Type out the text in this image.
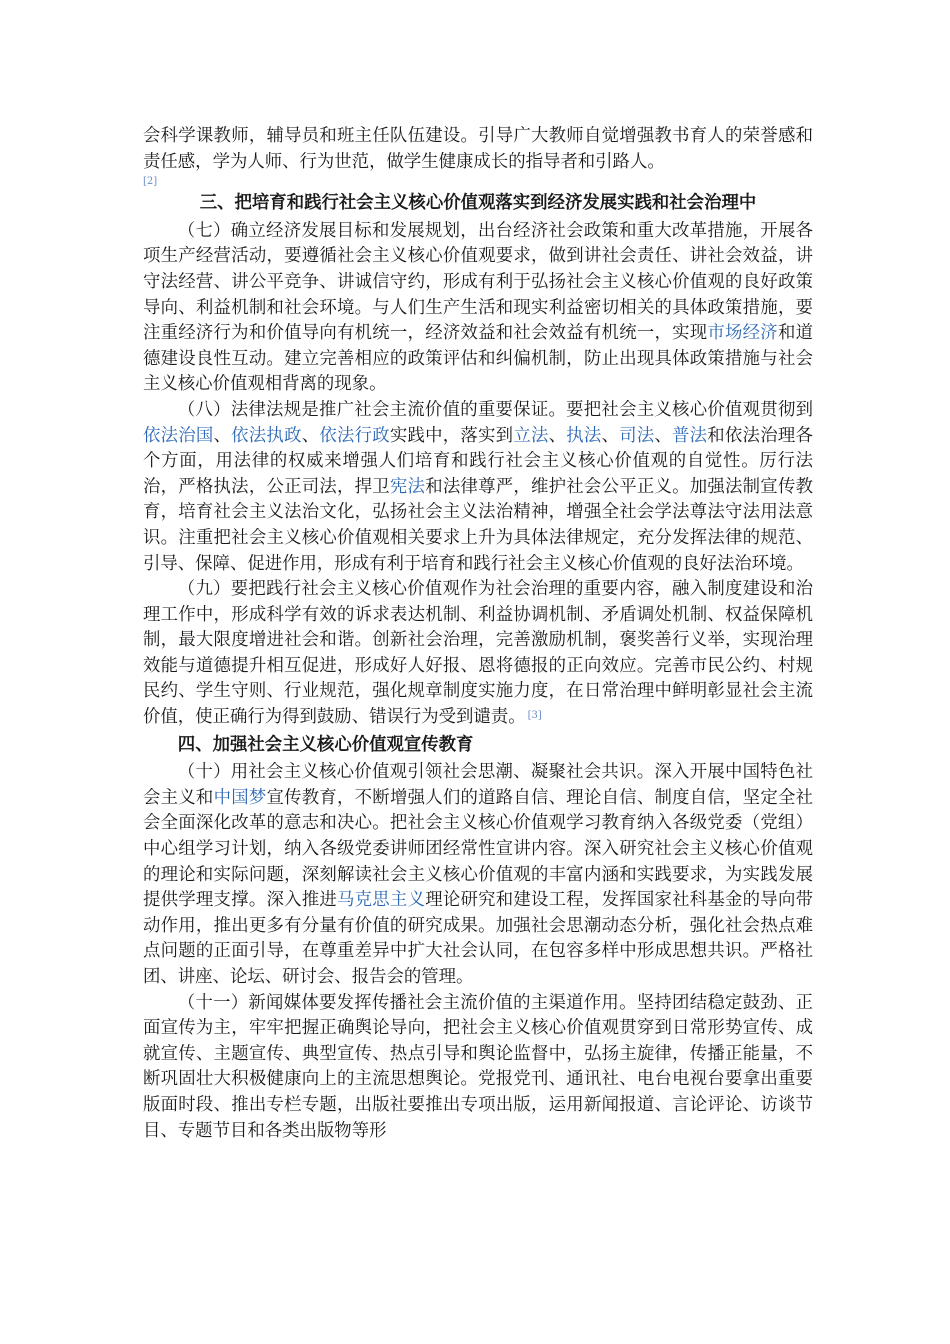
会科学课教师，辅导员和班主任队伍建设。引导广大教师自觉增强教书育人的荣誉感和责任感，学为人师、行为世范，做学生健康成长的指导者和引路人。

[2]

三、把培育和践行社会主义核心价值观落实到经济发展实践和社会治理中

（七）确立经济发展目标和发展规划，出台经济社会政策和重大改革措施，开展各项生产经营活动，要遵循社会主义核心价值观要求，做到讲社会责任、讲社会效益，讲守法经营、讲公平竞争、讲诚信守约，形成有利于弘扬社会主义核心价值观的良好政策导向、利益机制和社会环境。与人们生产生活和现实利益密切相关的具体政策措施，要注重经济行为和价值导向有机统一，经济效益和社会效益有机统一，实现市场经济和道德建设良性互动。建立完善相应的政策评估和纠偏机制，防止出现具体政策措施与社会主义核心价值观相背离的现象。

（八）法律法规是推广社会主流价值的重要保证。要把社会主义核心价值观贯彻到依法治国、依法执政、依法行政实践中，落实到立法、执法、司法、普法和依法治理各个方面，用法律的权威来增强人们培育和践行社会主义核心价值观的自觉性。厉行法治，严格执法，公正司法，捍卫宪法和法律尊严，维护社会公平正义。加强法制宣传教育，培育社会主义法治文化，弘扬社会主义法治精神，增强全社会学法尊法守法用法意识。注重把社会主义核心价值观相关要求上升为具体法律规定，充分发挥法律的规范、引导、保障、促进作用，形成有利于培育和践行社会主义核心价值观的良好法治环境。

（九）要把践行社会主义核心价值观作为社会治理的重要内容，融入制度建设和治理工作中，形成科学有效的诉求表达机制、利益协调机制、矛盾调处机制、权益保障机制，最大限度增进社会和谐。创新社会治理，完善激励机制，褒奖善行义举，实现治理效能与道德提升相互促进，形成好人好报、恩将德报的正向效应。完善市民公约、村规民约、学生守则、行业规范，强化规章制度实施力度，在日常治理中鲜明彰显社会主流价值，使正确行为得到鼓励、错误行为受到谴责。 [3]

四、加强社会主义核心价值观宣传教育

（十）用社会主义核心价值观引领社会思潮、凝聚社会共识。深入开展中国特色社会主义和中国梦宣传教育，不断增强人们的道路自信、理论自信、制度自信，坚定全社会全面深化改革的意志和决心。把社会主义核心价值观学习教育纳入各级党委（党组）中心组学习计划，纳入各级党委讲师团经常性宣讲内容。深入研究社会主义核心价值观的理论和实际问题，深刻解读社会主义核心价值观的丰富内涵和实践要求，为实践发展提供学理支撑。深入推进马克思主义理论研究和建设工程，发挥国家社科基金的导向带动作用，推出更多有分量有价值的研究成果。加强社会思潮动态分析，强化社会热点难点问题的正面引导，在尊重差异中扩大社会认同，在包容多样中形成思想共识。严格社团、讲座、论坛、研讨会、报告会的管理。

（十一）新闻媒体要发挥传播社会主流价值的主渠道作用。坚持团结稳定鼓劲、正面宣传为主，牢牢把握正确舆论导向，把社会主义核心价值观贯穿到日常形势宣传、成就宣传、主题宣传、典型宣传、热点引导和舆论监督中，弘扬主旋律，传播正能量，不断巩固壮大积极健康向上的主流思想舆论。党报党刊、通讯社、电台电视台要拿出重要版面时段、推出专栏专题，出版社要推出专项出版，运用新闻报道、言论评论、访谈节目、专题节目和各类出版物等形
